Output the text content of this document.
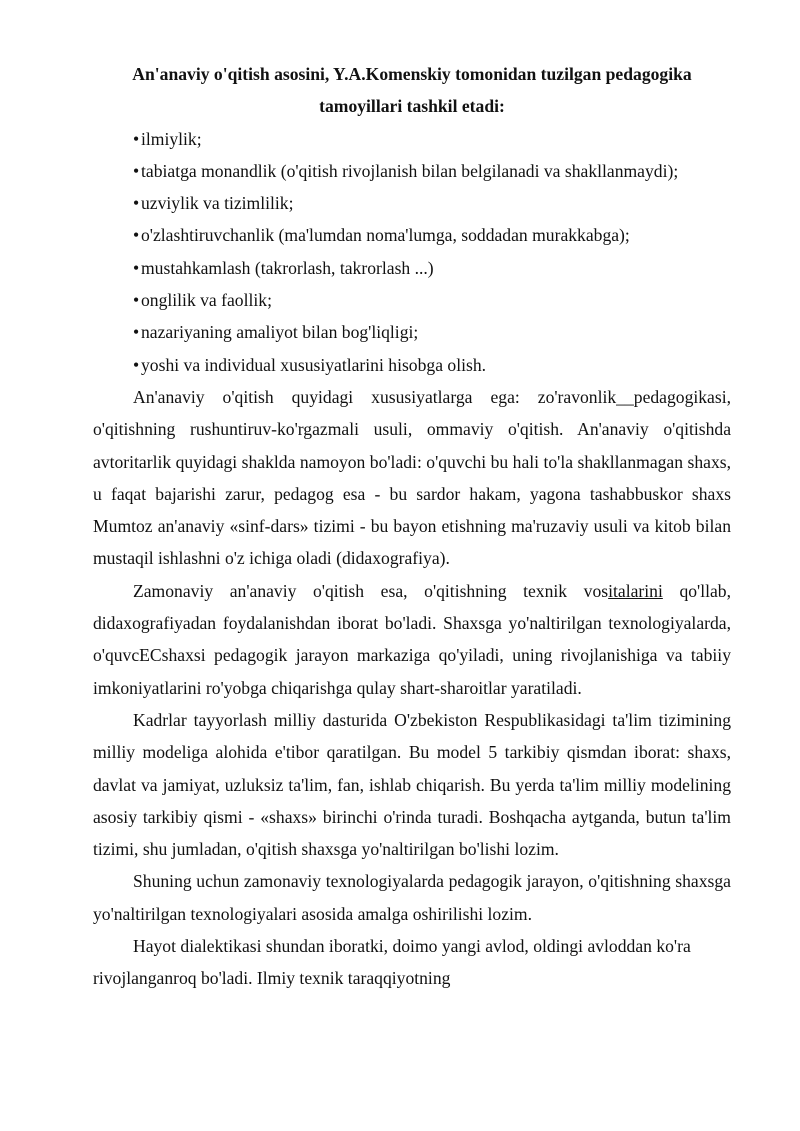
An'anaviy o'qitish asosini, Y.A.Komenskiy tomonidan tuzilgan pedagogika tamoyillari tashkil etadi:
• ilmiylik;
• tabiatga monandlik (o'qitish rivojlanish bilan belgilanadi va shakllanmaydi);
• uzviylik va tizimlilik;
• o'zlashtiruvchanlik (ma'lumdan noma'lumga, soddadan murakkabga);
• mustahkamlash (takrorlash, takrorlash ...)
• onglilik va faollik;
• nazariyaning amaliyot bilan bog'liqligi;
• yoshi va individual xususiyatlarini hisobga olish.

An'anaviy o'qitish quyidagi xususiyatlarga ega: zo'ravonlik__pedagogikasi, o'qitishning rushuntiruv-ko'rgazmali usuli, ommaviy o'qitish. An'anaviy o'qitishda avtoritarlik quyidagi shaklda namoyon bo'ladi: o'quvchi bu hali to'la shakllanmagan shaxs, u faqat bajarishi zarur, pedagog esa - bu sardor hakam, yagona tashabbuskor shaxs Mumtoz an'anaviy «sinf-dars» tizimi - bu bayon etishning ma'ruzaviy usuli va kitob bilan mustaqil ishlashni o'z ichiga oladi (didaxografiya).

Zamonaviy an'anaviy o'qitish esa, o'qitishning texnik vositalarini qo'llab, didaxografiyadan foydalanishdan iborat bo'ladi. Shaxsga yo'naltirilgan texnologiyalarda, o'quvcECshaxsi pedagogik jarayon markaziga qo'yiladi, uning rivojlanishiga va tabiiy imkoniyatlarini ro'yobga chiqarishga qulay shart-sharoitlar yaratiladi.

Kadrlar tayyorlash milliy dasturida O'zbekiston Respublikasidagi ta'lim tizimining milliy modeliga alohida e'tibor qaratilgan. Bu model 5 tarkibiy qismdan iborat: shaxs, davlat va jamiyat, uzluksiz ta'lim, fan, ishlab chiqarish. Bu yerda ta'lim milliy modelining asosiy tarkibiy qismi - «shaxs» birinchi o'rinda turadi. Boshqacha aytganda, butun ta'lim tizimi, shu jumladan, o'qitish shaxsga yo'naltirilgan bo'lishi lozim.

Shuning uchun zamonaviy texnologiyalarda pedagogik jarayon, o'qitishning shaxsga yo'naltirilgan texnologiyalari asosida amalga oshirilishi lozim.

Hayot dialektikasi shundan iboratki, doimo yangi avlod, oldingi avloddan ko'ra rivojlanganroq bo'ladi. Ilmiy texnik taraqqiyotning
